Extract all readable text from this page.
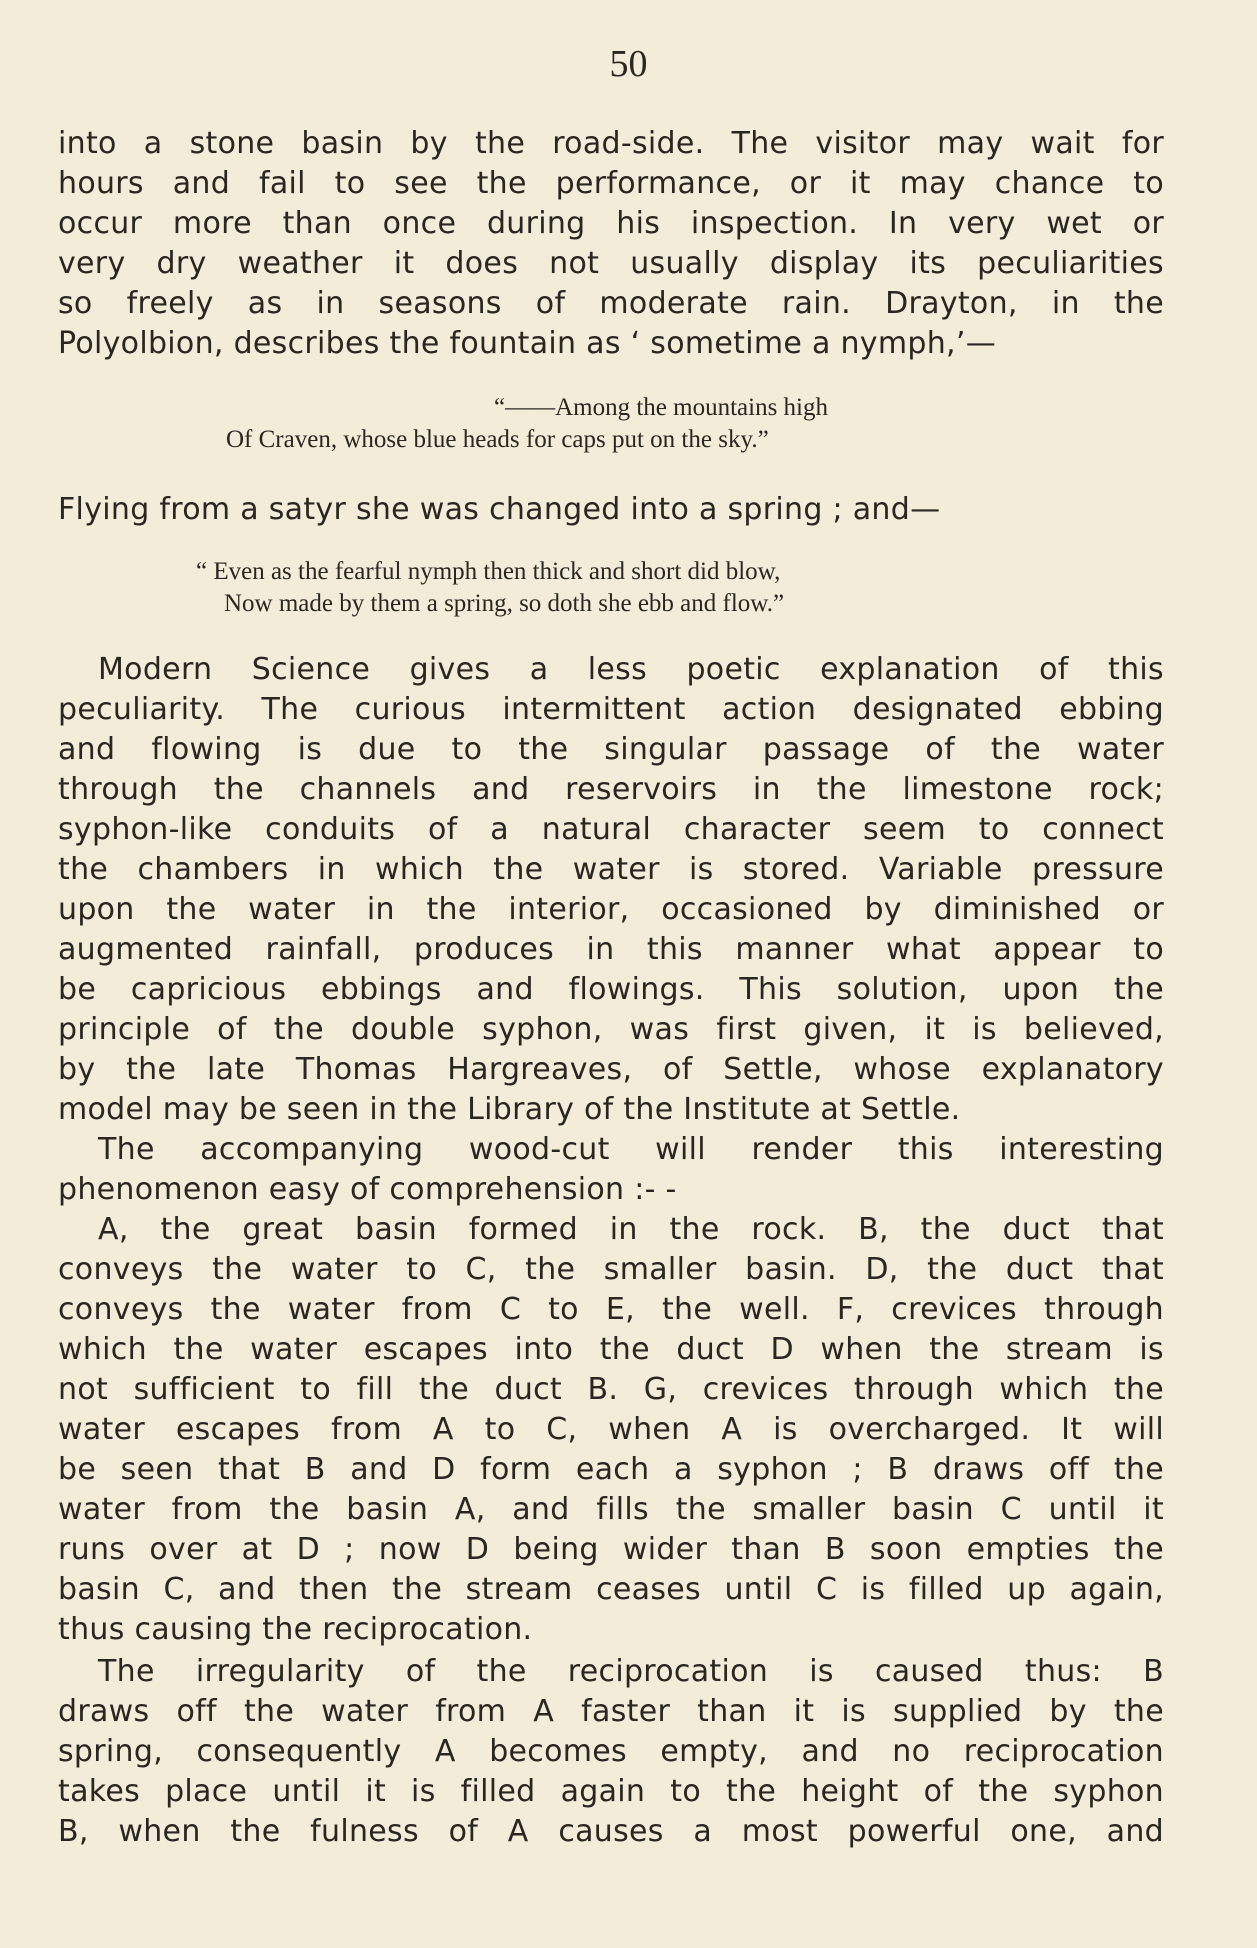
50
into a stone basin by the road-side. The visitor may wait for
hours and fail to see the performance, or it may chance to
occur more than once during his inspection. In very wet or
very dry weather it does not usually display its peculiarities
so freely as in seasons of moderate rain. Drayton, in the
Polyolbion, describes the fountain as ‘ sometime a nymph,’—
“——Among the mountains high
Of Craven, whose blue heads for caps put on the sky.”
Flying from a satyr she was changed into a spring ; and—
“ Even as the fearful nymph then thick and short did blow,
Now made by them a spring, so doth she ebb and flow.”
Modern Science gives a less poetic explanation of this
peculiarity. The curious intermittent action designated ebbing
and flowing is due to the singular passage of the water
through the channels and reservoirs in the limestone rock;
syphon-like conduits of a natural character seem to connect
the chambers in which the water is stored. Variable pressure
upon the water in the interior, occasioned by diminished or
augmented rainfall, produces in this manner what appear to
be capricious ebbings and flowings. This solution, upon the
principle of the double syphon, was first given, it is believed,
by the late Thomas Hargreaves, of Settle, whose explanatory
model may be seen in the Library of the Institute at Settle.
The accompanying wood-cut will render this interesting
phenomenon easy of comprehension :- -
A, the great basin formed in the rock. B, the duct that
conveys the water to C, the smaller basin. D, the duct that
conveys the water from C to E, the well. F, crevices through
which the water escapes into the duct D when the stream is
not sufficient to fill the duct B. G, crevices through which the
water escapes from A to C, when A is overcharged. It will
be seen that B and D form each a syphon ; B draws off the
water from the basin A, and fills the smaller basin C until it
runs over at D ; now D being wider than B soon empties the
basin C, and then the stream ceases until C is filled up again,
thus causing the reciprocation.
The irregularity of the reciprocation is caused thus: B
draws off the water from A faster than it is supplied by the
spring, consequently A becomes empty, and no reciprocation
takes place until it is filled again to the height of the syphon
B, when the fulness of A causes a most powerful one, and
